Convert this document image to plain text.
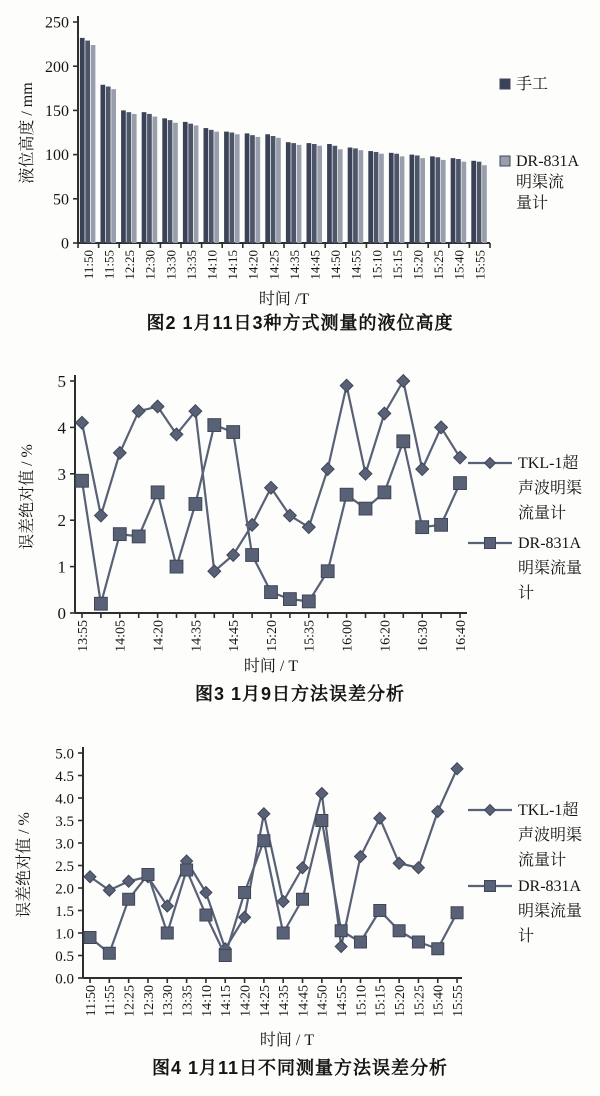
0
50
100
150
200
250
11:50 11:55 12:25 12:30 13:30 13:35 14:10 14:15 14:20 14:25 14:35 14:45 14:50 14:55 15:10 15:15 15:20 15:25 15:40 15:55
手工
DR-831A
明渠流
量计
液位高度 / mm
时间 /T
图2 1月11日3种方式测量的液位高度
0
1
2
3
4
5
13:55 14:05 14:20 14:35 14:45 15:20 15:35 16:00 16:20 16:30 16:40
TKL-1超
声波明渠
流量计
DR-831A
明渠流量
计
误差绝对值 / %
时间 / T
图3 1月9日方法误差分析
0.0
0.5
1.0
1.5
2.0
2.5
3.0
3.5
4.0
4.5
5.0
11:50 11:55 12:25 12:30 13:30 13:35 14:10 14:15 14:20 14:25 14:35 14:45 14:50 14:55 15:10 15:15 15:20 15:25 15:40 15:55
TKL-1超
声波明渠
流量计
DR-831A
明渠流量
计
误差绝对值 / %
时间 / T
图4 1月11日不同测量方法误差分析
